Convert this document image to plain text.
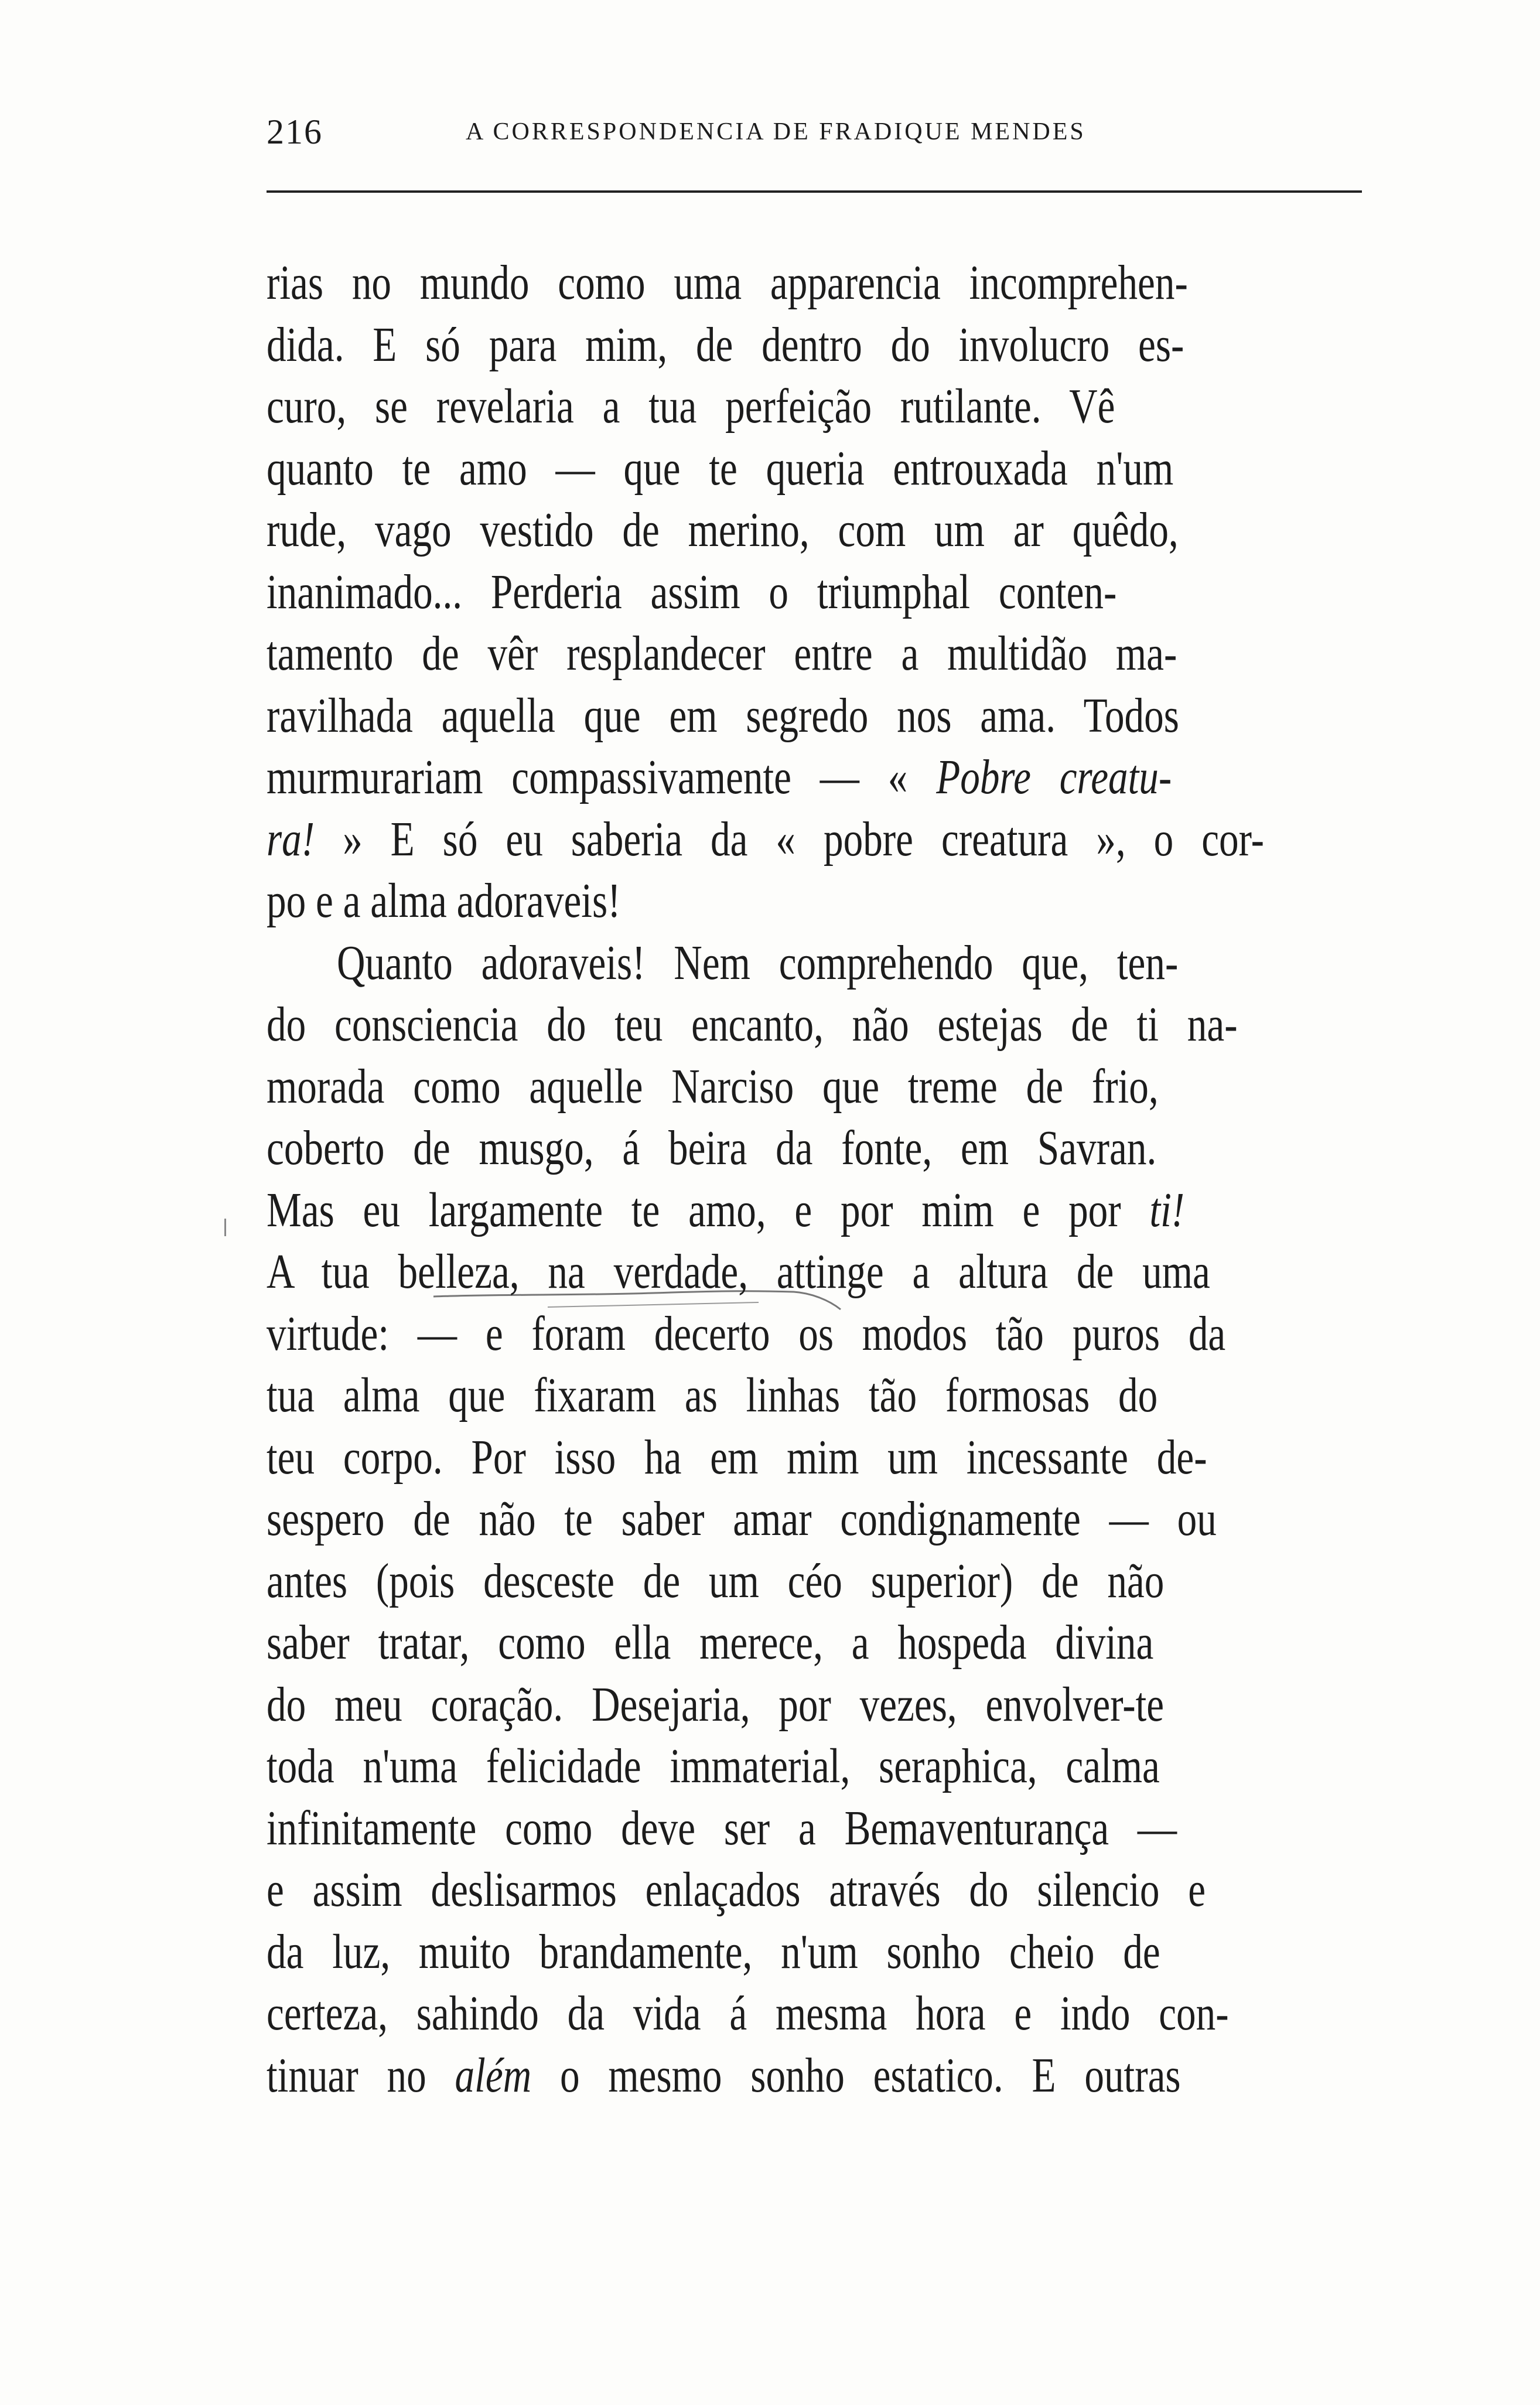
216	A CORRESPONDENCIA DE FRADIQUE MENDES
rias no mundo como uma apparencia incomprehen-
dida. E só para mim, de dentro do involucro es-
curo, se revelaria a tua perfeição rutilante. Vê
quanto te amo — que te queria entrouxada n'um
rude, vago vestido de merino, com um ar quêdo,
inanimado... Perderia assim o triumphal conten-
tamento de vêr resplandecer entre a multidão ma-
ravilhada aquella que em segredo nos ama. Todos
murmurariam compassivamente — « Pobre creatu-
ra! » E só eu saberia da « pobre creatura », o cor-
po e a alma adoraveis!
Quanto adoraveis! Nem comprehendo que, ten-
do consciencia do teu encanto, não estejas de ti na-
morada como aquelle Narciso que treme de frio,
coberto de musgo, á beira da fonte, em Savran.
Mas eu largamente te amo, e por mim e por ti!
A tua belleza, na verdade, attinge a altura de uma
virtude: — e foram decerto os modos tão puros da
tua alma que fixaram as linhas tão formosas do
teu corpo. Por isso ha em mim um incessante de-
sespero de não te saber amar condignamente — ou
antes (pois desceste de um céo superior) de não
saber tratar, como ella merece, a hospeda divina
do meu coração. Desejaria, por vezes, envolver-te
toda n'uma felicidade immaterial, seraphica, calma
infinitamente como deve ser a Bemaventurança —
e assim deslisarmos enlaçados através do silencio e
da luz, muito brandamente, n'um sonho cheio de
certeza, sahindo da vida á mesma hora e indo con-
tinuar no além o mesmo sonho estatico. E outras
